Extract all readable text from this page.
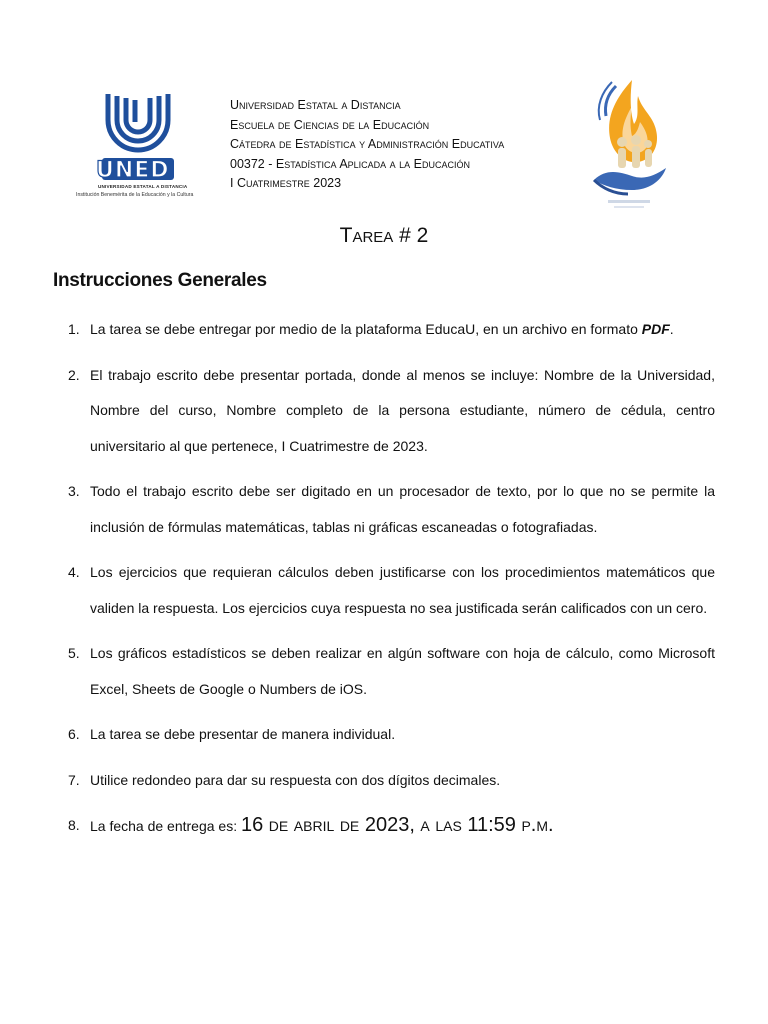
UNED
UNIVERSIDAD ESTATAL A DISTANCIA
Institución Benemérita de la Educación y la Cultura
Universidad Estatal a Distancia
Escuela de Ciencias de la Educación
Cátedra de Estadística y Administración Educativa
00372 - Estadística Aplicada a la Educación
I Cuatrimestre 2023
Tarea # 2
Instrucciones Generales
1. La tarea se debe entregar por medio de la plataforma EducaU, en un archivo en formato PDF.
2. El trabajo escrito debe presentar portada, donde al menos se incluye: Nombre de la Universidad, Nombre del curso, Nombre completo de la persona estudiante, número de cédula, centro universitario al que pertenece, I Cuatrimestre de 2023.
3. Todo el trabajo escrito debe ser digitado en un procesador de texto, por lo que no se permite la inclusión de fórmulas matemáticas, tablas ni gráficas escaneadas o fotografiadas.
4. Los ejercicios que requieran cálculos deben justificarse con los procedimientos matemáticos que validen la respuesta. Los ejercicios cuya respuesta no sea justificada serán calificados con un cero.
5. Los gráficos estadísticos se deben realizar en algún software con hoja de cálculo, como Microsoft Excel, Sheets de Google o Numbers de iOS.
6. La tarea se debe presentar de manera individual.
7. Utilice redondeo para dar su respuesta con dos dígitos decimales.
8. La fecha de entrega es: 16 de abril de 2023, a las 11:59 p.m.
